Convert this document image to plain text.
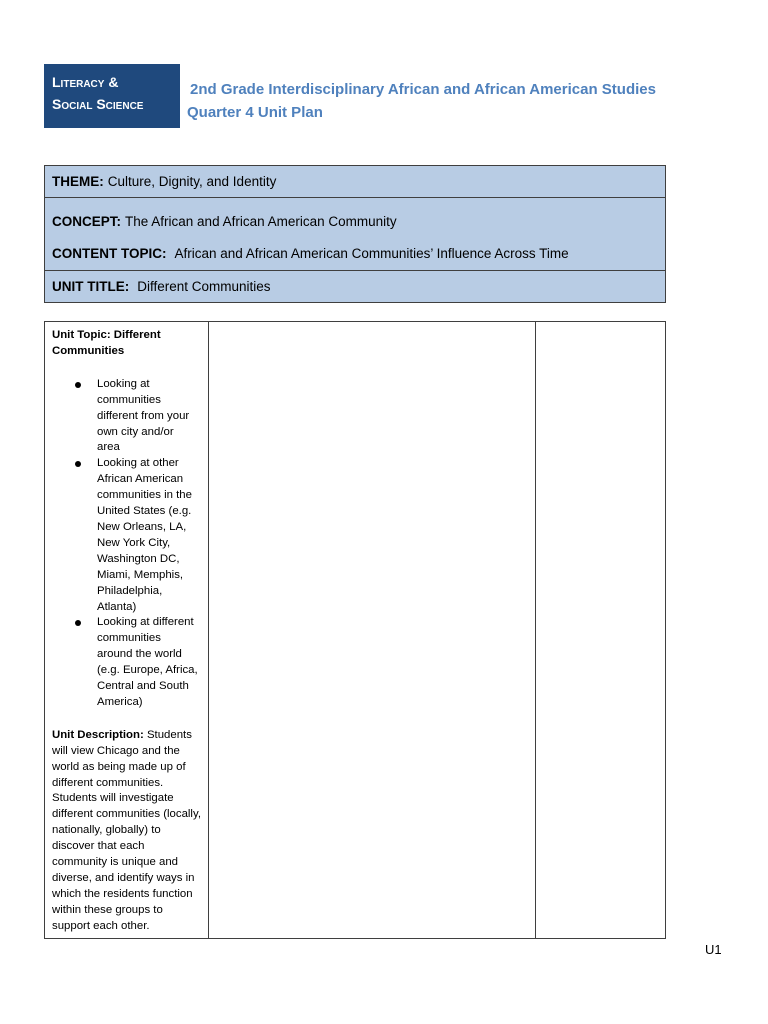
Literacy &
Social Science
2nd Grade Interdisciplinary African and African American Studies
Quarter 4 Unit Plan
THEME: Culture, Dignity, and Identity
CONCEPT: The African and African American Community
CONTENT TOPIC: African and African American Communities’ Influence Across Time
UNIT TITLE: Different Communities
Unit Topic: Different Communities
Looking at communities different from your own city and/or area
Looking at other African American communities in the United States (e.g. New Orleans, LA, New York City, Washington DC, Miami, Memphis, Philadelphia, Atlanta)
Looking at different communities around the world (e.g. Europe, Africa, Central and South America)
Unit Description: Students will view Chicago and the world as being made up of different communities. Students will investigate different communities (locally, nationally, globally) to discover that each community is unique and diverse, and identify ways in which the residents function within these groups to support each other.
U1
